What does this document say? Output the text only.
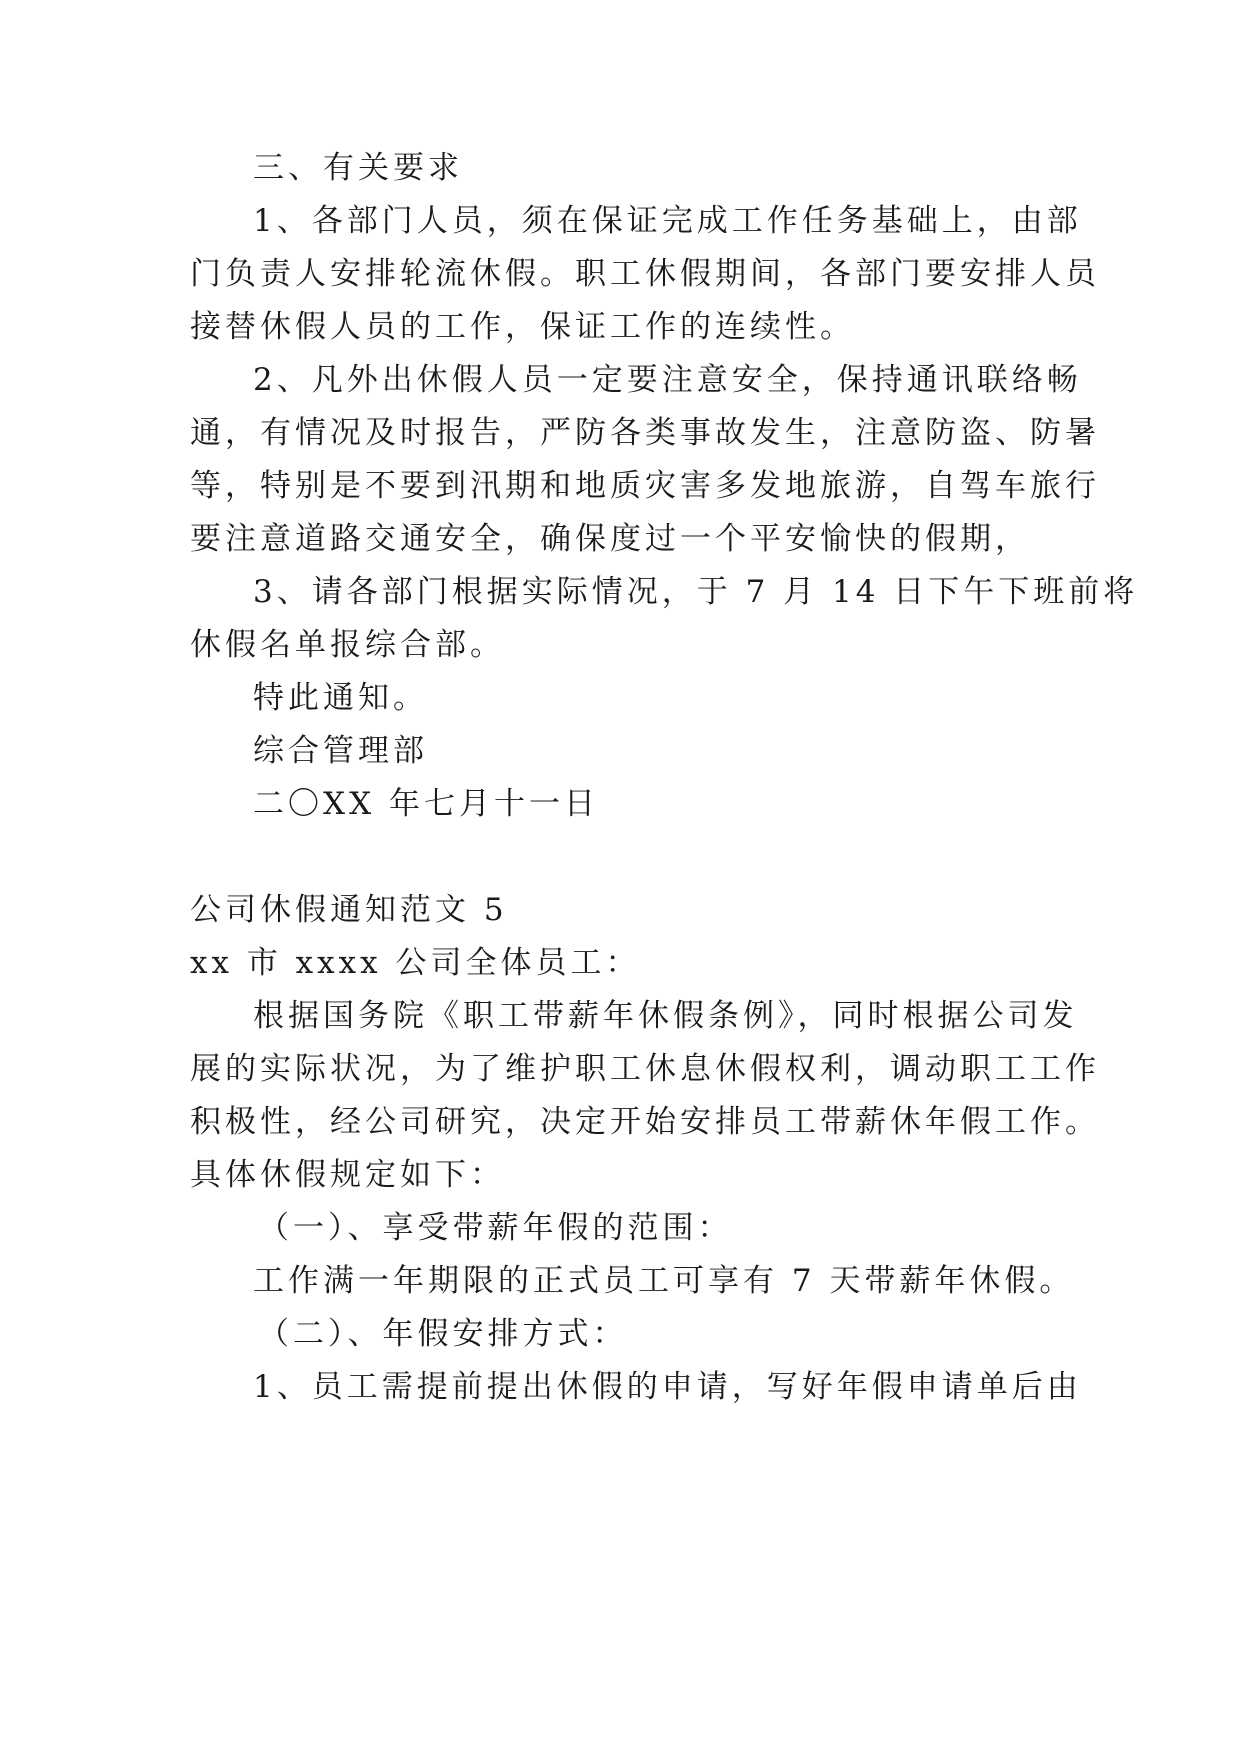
三、有关要求
1、各部门人员，须在保证完成工作任务基础上，由部
门负责人安排轮流休假。职工休假期间，各部门要安排人员
接替休假人员的工作，保证工作的连续性。
2、凡外出休假人员一定要注意安全，保持通讯联络畅
通，有情况及时报告，严防各类事故发生，注意防盗、防暑
等，特别是不要到汛期和地质灾害多发地旅游，自驾车旅行
要注意道路交通安全，确保度过一个平安愉快的假期，
3、请各部门根据实际情况，于 7 月 14 日下午下班前将
休假名单报综合部。
特此通知。
综合管理部
二〇XX 年七月十一日
公司休假通知范文 5
xx 市 xxxx 公司全体员工：
根据国务院《职工带薪年休假条例》，同时根据公司发
展的实际状况，为了维护职工休息休假权利，调动职工工作
积极性，经公司研究，决定开始安排员工带薪休年假工作。
具体休假规定如下：
（一）、享受带薪年假的范围：
工作满一年期限的正式员工可享有 7 天带薪年休假。
（二）、年假安排方式：
1、员工需提前提出休假的申请，写好年假申请单后由
